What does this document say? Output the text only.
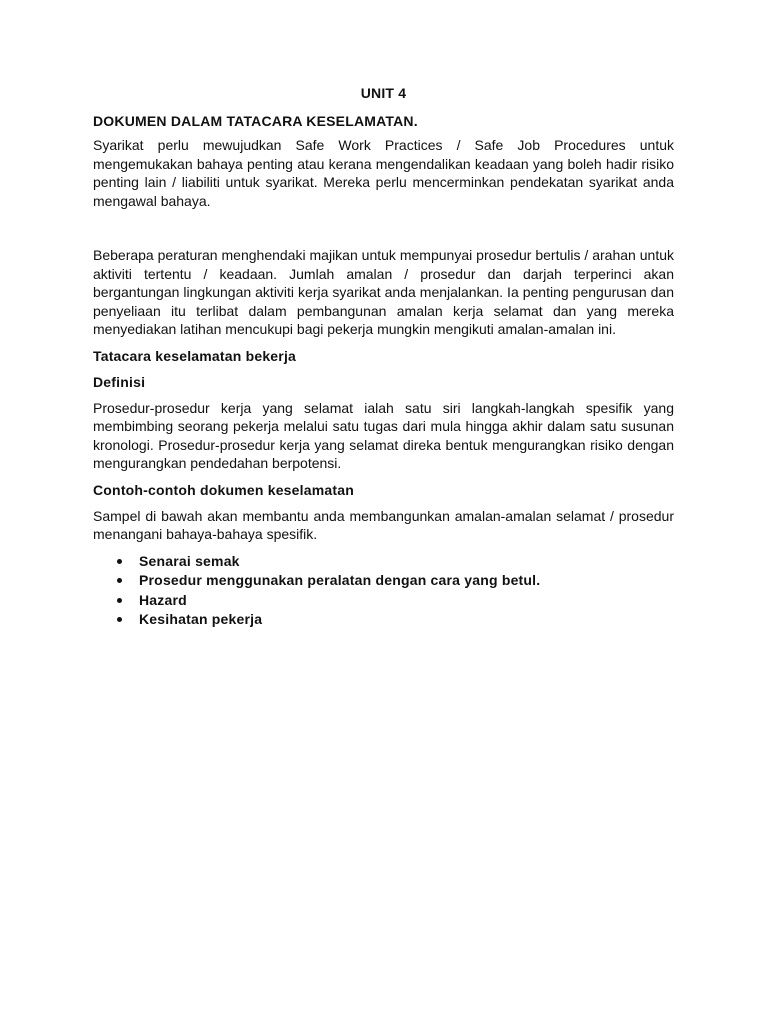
UNIT 4
DOKUMEN DALAM TATACARA KESELAMATAN.

Syarikat perlu mewujudkan Safe Work Practices / Safe Job Procedures untuk mengemukakan bahaya penting atau kerana mengendalikan keadaan yang boleh hadir risiko penting lain / liabiliti untuk syarikat. Mereka perlu mencerminkan pendekatan syarikat anda mengawal bahaya.

Beberapa peraturan menghendaki majikan untuk mempunyai prosedur bertulis / arahan untuk aktiviti tertentu / keadaan. Jumlah amalan / prosedur dan darjah terperinci akan bergantungan lingkungan aktiviti kerja syarikat anda menjalankan. Ia penting pengurusan dan penyeliaan itu terlibat dalam pembangunan amalan kerja selamat dan yang mereka menyediakan latihan mencukupi bagi pekerja mungkin mengikuti amalan-amalan ini.

Tatacara keselamatan bekerja
Definisi

Prosedur-prosedur kerja yang selamat ialah satu siri langkah-langkah spesifik yang membimbing seorang pekerja melalui satu tugas dari mula hingga akhir dalam satu susunan kronologi. Prosedur-prosedur kerja yang selamat direka bentuk mengurangkan risiko dengan mengurangkan pendedahan berpotensi.

Contoh-contoh dokumen keselamatan

Sampel di bawah akan membantu anda membangunkan amalan-amalan selamat / prosedur menangani bahaya-bahaya spesifik.

Senarai semak
Prosedur menggunakan peralatan dengan cara yang betul.
Hazard
Kesihatan pekerja
